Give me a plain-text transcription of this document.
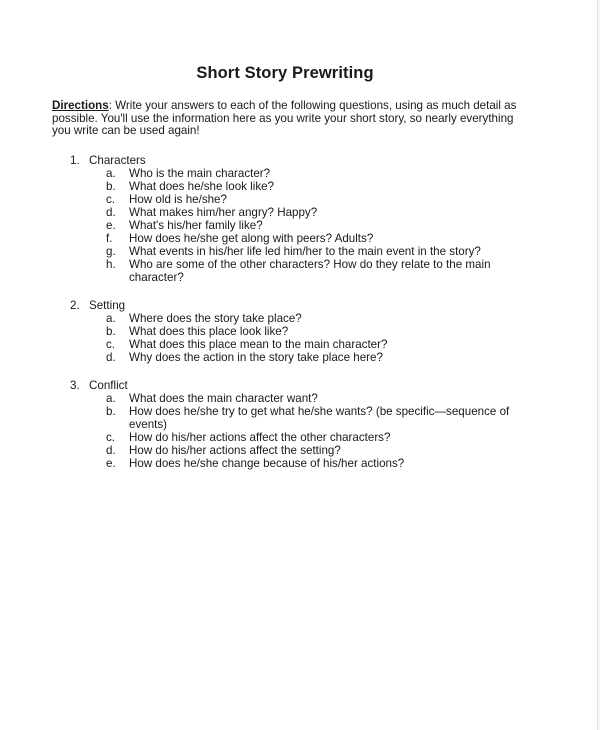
Short Story Prewriting

Directions: Write your answers to each of the following questions, using as much detail as possible. You'll use the information here as you write your short story, so nearly everything you write can be used again!

1. Characters
a.	Who is the main character?
b.	What does he/she look like?
c.	How old is he/she?
d.	What makes him/her angry? Happy?
e.	What's his/her family like?
f.	How does he/she get along with peers? Adults?
g.	What events in his/her life led him/her to the main event in the story?
h.	Who are some of the other characters? How do they relate to the main character?
2. Setting
a.	Where does the story take place?
b.	What does this place look like?
c.	What does this place mean to the main character?
d.	Why does the action in the story take place here?
3. Conflict
a.	What does the main character want?
b.	How does he/she try to get what he/she wants? (be specific—sequence of events)
c.	How do his/her actions affect the other characters?
d.	How do his/her actions affect the setting?
e.	How does he/she change because of his/her actions?
